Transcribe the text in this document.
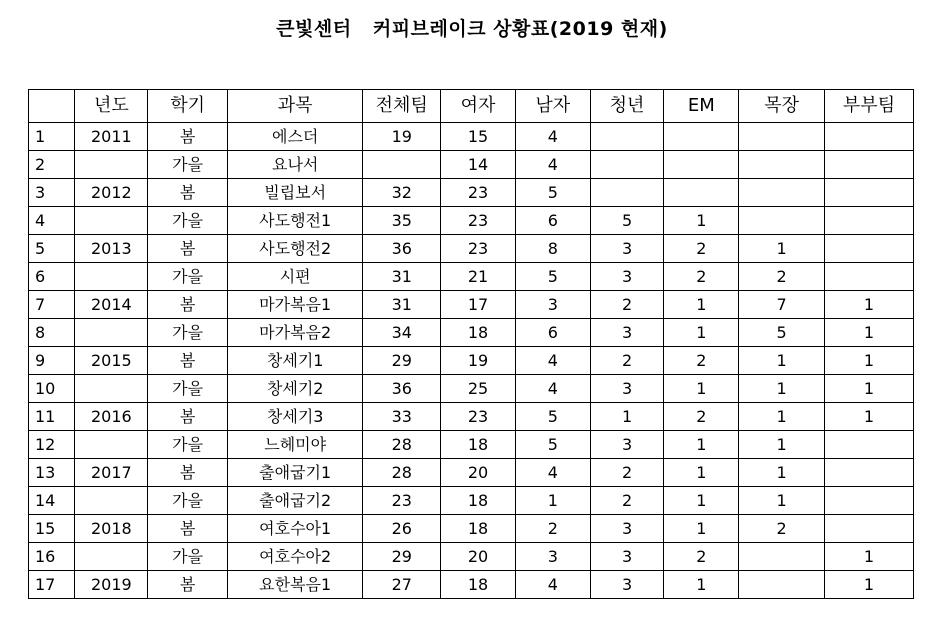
큰빛센터   커피브레이크 상황표(2019 현재)
	년도	학기	과목	전체팀	여자	남자	청년	EM	목장	부부팀
1	2011	봄	에스더	19	15	4				
2		가을	요나서		14	4				
3	2012	봄	빌립보서	32	23	5				
4		가을	사도행전1	35	23	6	5	1		
5	2013	봄	사도행전2	36	23	8	3	2	1	
6		가을	시편	31	21	5	3	2	2	
7	2014	봄	마가복음1	31	17	3	2	1	7	1
8		가을	마가복음2	34	18	6	3	1	5	1
9	2015	봄	창세기1	29	19	4	2	2	1	1
10		가을	창세기2	36	25	4	3	1	1	1
11	2016	봄	창세기3	33	23	5	1	2	1	1
12		가을	느헤미야	28	18	5	3	1	1	
13	2017	봄	출애굽기1	28	20	4	2	1	1	
14		가을	출애굽기2	23	18	1	2	1	1	
15	2018	봄	여호수아1	26	18	2	3	1	2	
16		가을	여호수아2	29	20	3	3	2		1
17	2019	봄	요한복음1	27	18	4	3	1		1
